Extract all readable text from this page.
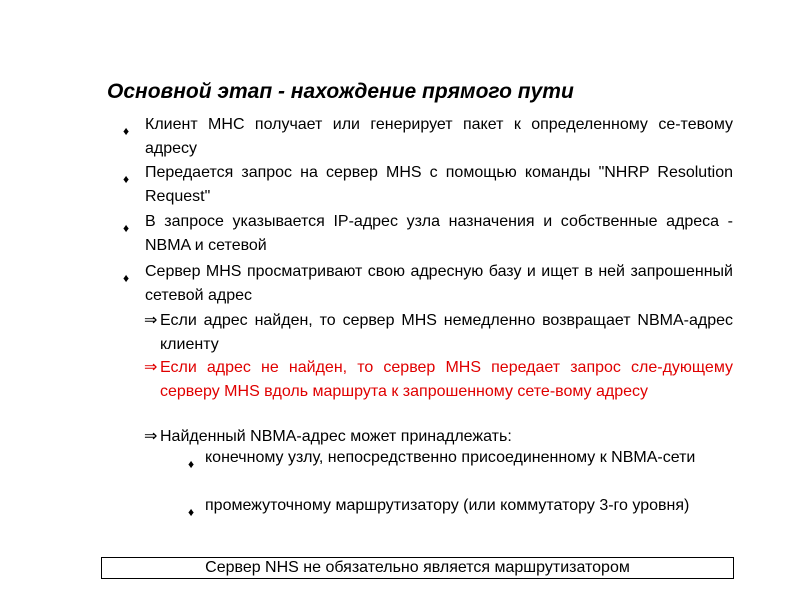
Основной этап - нахождение прямого пути
♦ Клиент MHC получает или генерирует пакет к определенному се-тевому адресу
♦ Передается запрос на сервер MHS с помощью команды "NHRP Resolution Request"
♦ В запросе указывается IP-адрес узла назначения и собственные адреса - NBMA и сетевой
♦ Сервер MHS просматривают свою адресную базу и ищет в ней запрошенный сетевой адрес
⇒ Если адрес найден, то сервер MHS немедленно возвращает NBMA-адрес клиенту
⇒ Если адрес не найден, то сервер MHS передает запрос сле-дующему серверу MHS вдоль маршрута к запрошенному сете-вому адресу
⇒ Найденный NBMA-адрес может принадлежать:
♦ конечному узлу, непосредственно присоединенному к NBMA-сети
♦ промежуточному маршрутизатору (или коммутатору 3-го уровня)
Сервер NHS не обязательно является маршрутизатором
